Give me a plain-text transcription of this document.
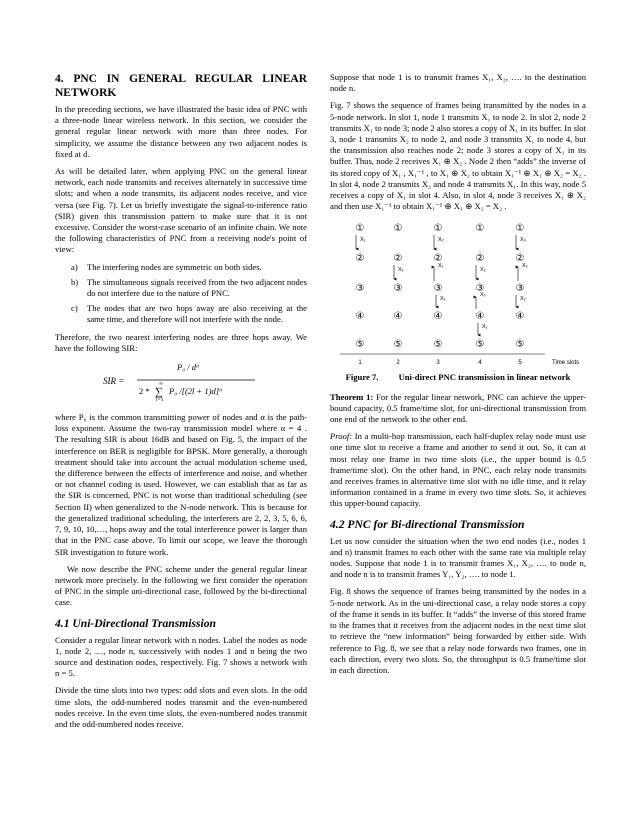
4. PNC IN GENERAL REGULAR LINEAR NETWORK

In the preceding sections, we have illustrated the basic idea of PNC with a three-node linear wireless network. In this section, we consider the general regular linear network with more than three nodes. For simplicity, we assume the distance between any two adjacent nodes is fixed at d.

As will be detailed later, when applying PNC on the general linear network, each node transmits and receives alternately in successive time slots; and when a node transmits, its adjacent nodes receive, and vice versa (see Fig. 7). Let us briefly investigate the signal-to-inference ratio (SIR) given this transmission pattern to make sure that it is not excessive. Consider the worst-case scenario of an infinite chain. We note the following characteristics of PNC from a receiving node's point of view:

a)	The interfering nodes are symmetric on both sides.
b)	The simultaneous signals received from the two adjacent nodes do not interfere due to the nature of PNC.
c)	The nodes that are two hops away are also receiving at the same time, and therefore will not interfere with the node.

Therefore, the two nearest interfering nodes are three hops away. We have the following SIR:

SIR =
P₀ / dᵅ
2 *
∞
∑
l=1
P₀ /[(2l + 1)d]ᵅ

where P₀ is the common transmitting power of nodes and α is the path-loss exponent. Assume the two-ray transmission model where α = 4 . The resulting SIR is about 16dB and based on Fig. 5, the impact of the interference on BER is negligible for BPSK. More generally, a thorough treatment should take into account the actual modulation scheme used, the difference between the effects of interference and noise, and whether or not channel coding is used. However, we can establish that as far as the SIR is concerned, PNC is not worse than traditional scheduling (see Section II) when generalized to the N-node network. This is because for the generalized traditional scheduling, the interferers are 2, 2, 3, 5, 6, 6, 7, 9, 10, 10,…, hops away and the total interference power is larger than that in the PNC case above. To limit our scope, we leave the thorough SIR investigation to future work.

We now describe the PNC scheme under the general regular linear network more precisely. In the following we first consider the operation of PNC in the simple uni-directional case, followed by the bi-directional case.

4.1 Uni-Directional Transmission

Consider a regular linear network with n nodes. Label the nodes as node 1, node 2, …, node n, successively with nodes 1 and n being the two source and destination nodes, respectively. Fig. 7 shows a network with n = 5.

Divide the time slots into two types: odd slots and even slots. In the odd time slots, the odd-numbered nodes transmit and the even-numbered nodes receive. In the even time slots, the even-numbered nodes transmit and the odd-numbered nodes receive.

Suppose that node 1 is to transmit frames X₁, X₂, …. to the destination node n.

Fig. 7 shows the sequence of frames being transmitted by the nodes in a 5-node network. In slot 1, node 1 transmits X₁ to node 2. In slot 2, node 2 transmits X₁ to node 3; node 2 also stores a copy of X₁ in its buffer. In slot 3, node 1 transmits X₂ to node 2, and node 3 transmits X₁ to node 4, but the transmission also reaches node 2; node 3 stores a copy of X₁ in its buffer. Thus, node 2 receives X₁ ⊕ X₂ . Node 2 then “adds” the inverse of its stored copy of X₁ , X₁⁻¹ , to X₁ ⊕ X₂ to obtain X₁⁻¹ ⊕ X₁ ⊕ X₂ = X₂ . In slot 4, node 2 transmits X₂ and node 4 transmits X₁. In this way, node 5 receives a copy of X₁ in slot 4. Also, in slot 4, node 3 receives X₁ ⊕ X₂ and then use X₁⁻¹ to obtain X₁⁻¹ ⊕ X₁ ⊕ X₂ = X₂ .

①
②
③
④
⑤
①
②
③
④
⑤
①
②
③
④
⑤
①
②
③
④
⑤
①
②
③
④
⑤
1	2	3	4	5	Time slots
X₁
X₁
X₂
X₁
X₁
X₂
X₁
X₁
X₃
X₂
X₂
Figure 7. Uni-direct PNC transmission in linear network

Theorem 1: For the regular linear network, PNC can achieve the upper-bound capacity, 0.5 frame/time slot, for uni-directional transmission from one end of the network to the other end.

Proof: In a multi-hop transmission, each half-duplex relay node must use one time slot to receive a frame and another to send it out. So, it can at most relay one frame in two time slots (i.e., the upper bound is 0.5 frame/time slot). On the other hand, in PNC, each relay node transmits and receives frames in alternative time slot with no idle time, and it relay information contained in a frame in every two time slots. So, it achieves this upper-bound capacity.

4.2 PNC for Bi-directional Transmission

Let us now consider the situation when the two end nodes (i.e., nodes 1 and n) transmit frames to each other with the same rate via multiple relay nodes. Suppose that node 1 is to transmit frames X₁, X₂, …. to node n, and node n is to transmit frames Y₁, Y₂, …. to node 1.

Fig. 8 shows the sequence of frames being transmitted by the nodes in a 5-node network. As in the uni-directional case, a relay node stores a copy of the frame it sends in its buffer. It “adds” the inverse of this stored frame to the frames that it receives from the adjacent nodes in the next time slot to retrieve the “new information” being forwarded by either side. With reference to Fig. 8, we see that a relay node forwards two frames, one in each direction, every two slots. So, the throughput is 0.5 frame/time slot in each direction.
